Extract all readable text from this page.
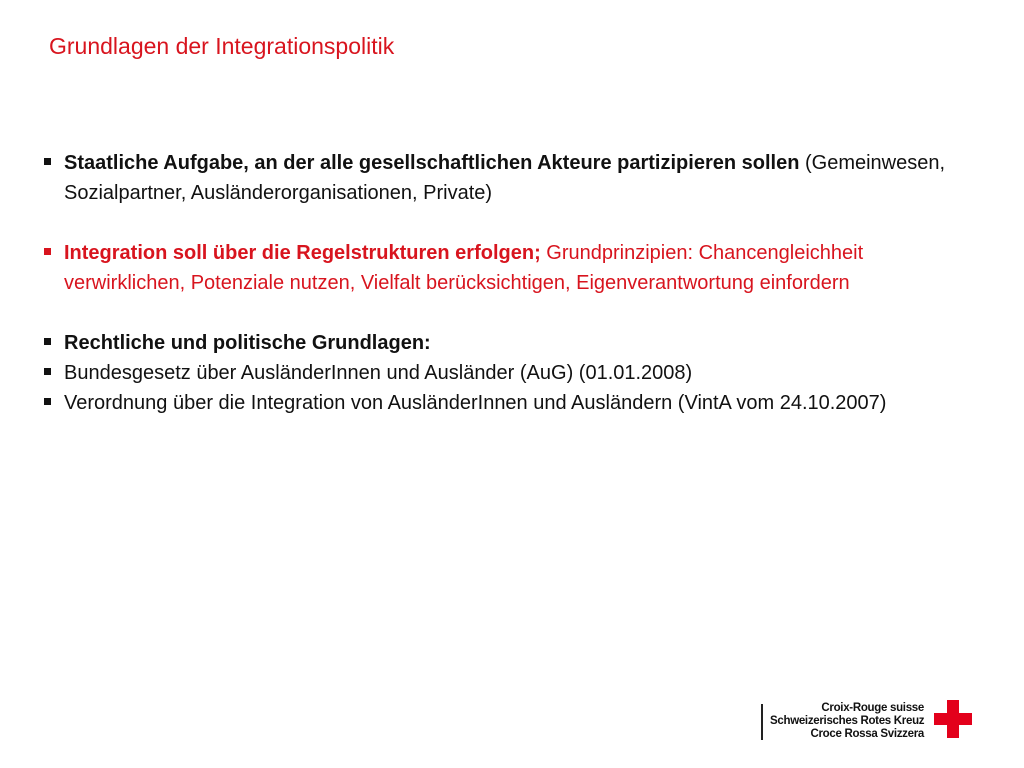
Grundlagen der Integrationspolitik
Staatliche Aufgabe, an der alle gesellschaftlichen Akteure partizipieren sollen (Gemeinwesen, Sozialpartner, Ausländerorganisationen, Private)
Integration soll über die Regelstrukturen erfolgen; Grundprinzipien: Chancengleichheit verwirklichen, Potenziale nutzen, Vielfalt berücksichtigen, Eigenverantwortung einfordern
Rechtliche und politische Grundlagen:
Bundesgesetz über AusländerInnen und Ausländer (AuG) (01.01.2008)
Verordnung über die Integration von AusländerInnen und Ausländern (VintA vom 24.10.2007)
Croix-Rouge suisse
Schweizerisches Rotes Kreuz
Croce Rossa Svizzera
